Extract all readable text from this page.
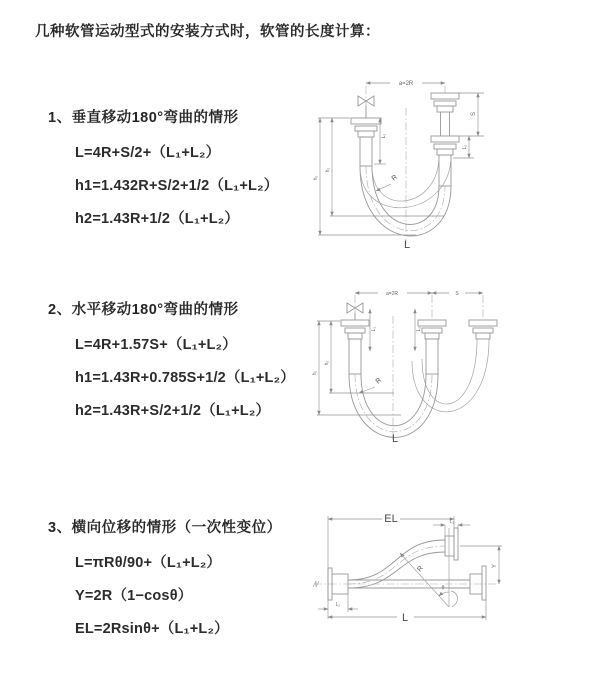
几种软管运动型式的安装方式时，软管的长度计算：
1、垂直移动180°弯曲的情形
L=4R+S/2+（L₁+L₂）
h1=1.432R+S/2+1/2（L₁+L₂）
h2=1.43R+1/2（L₁+L₂）
2、水平移动180°弯曲的情形
L=4R+1.57S+（L₁+L₂）
h1=1.43R+0.785S+1/2（L₁+L₂）
h2=1.43R+S/2+1/2（L₁+L₂）
3、横向位移的情形（一次性变位）
L=πRθ/90+（L₁+L₂）
Y=2R（1−cosθ）
EL=2Rsinθ+（L₁+L₂）
a=2R
S
L₂
h₁
h₂
L₁
R
L
a=2R	S
L₁	L₂
h₁
h₂
R
L
EL	L₁
Y
R
θ
L
L₂
